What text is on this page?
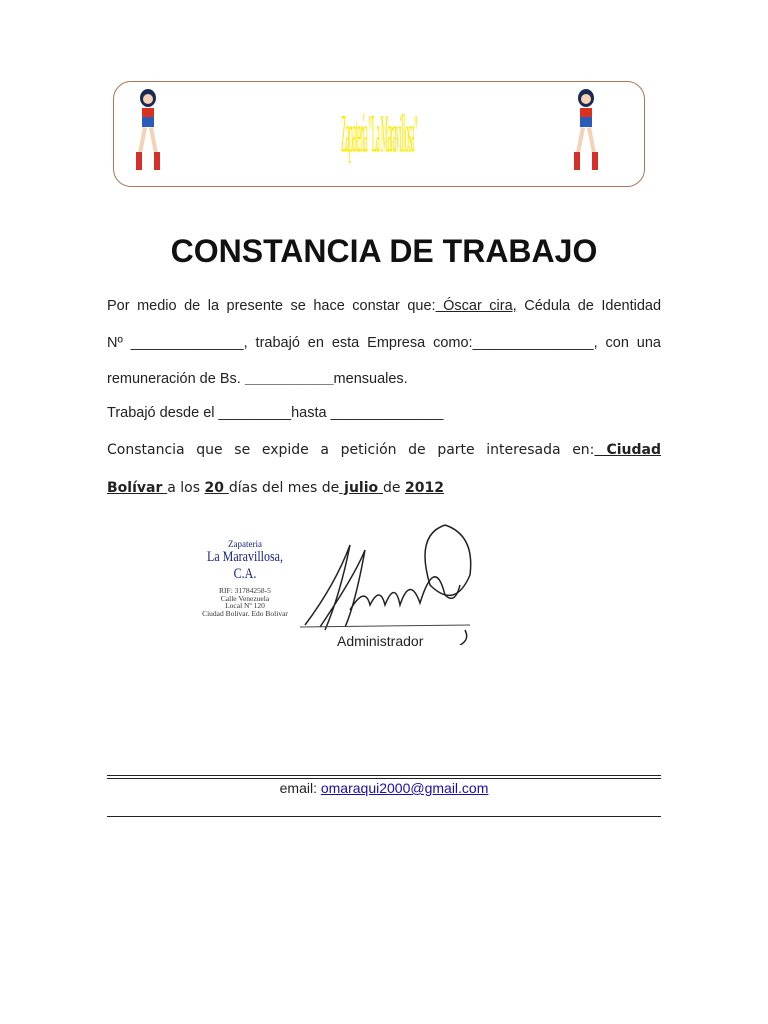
Zapatería "La Maravillosa"
CONSTANCIA DE TRABAJO
Por medio de la presente se hace constar que: Óscar cira, Cédula de Identidad
Nº ______________, trabajó en esta Empresa como:_______________, con una
remuneración de Bs. ___________mensuales.
Trabajó desde el _________hasta ______________
Constancia que se expide a petición de parte interesada en: Ciudad
Bolívar a los 20 días del mes de julio de 2012
Zapateria
La Maravillosa, C.A.
RIF: 31784258-5
Calle Venezuela
Local Nº 120
Ciudad Bolivar. Edo Bolivar
Administrador
email: omaraqui2000@gmail.com
